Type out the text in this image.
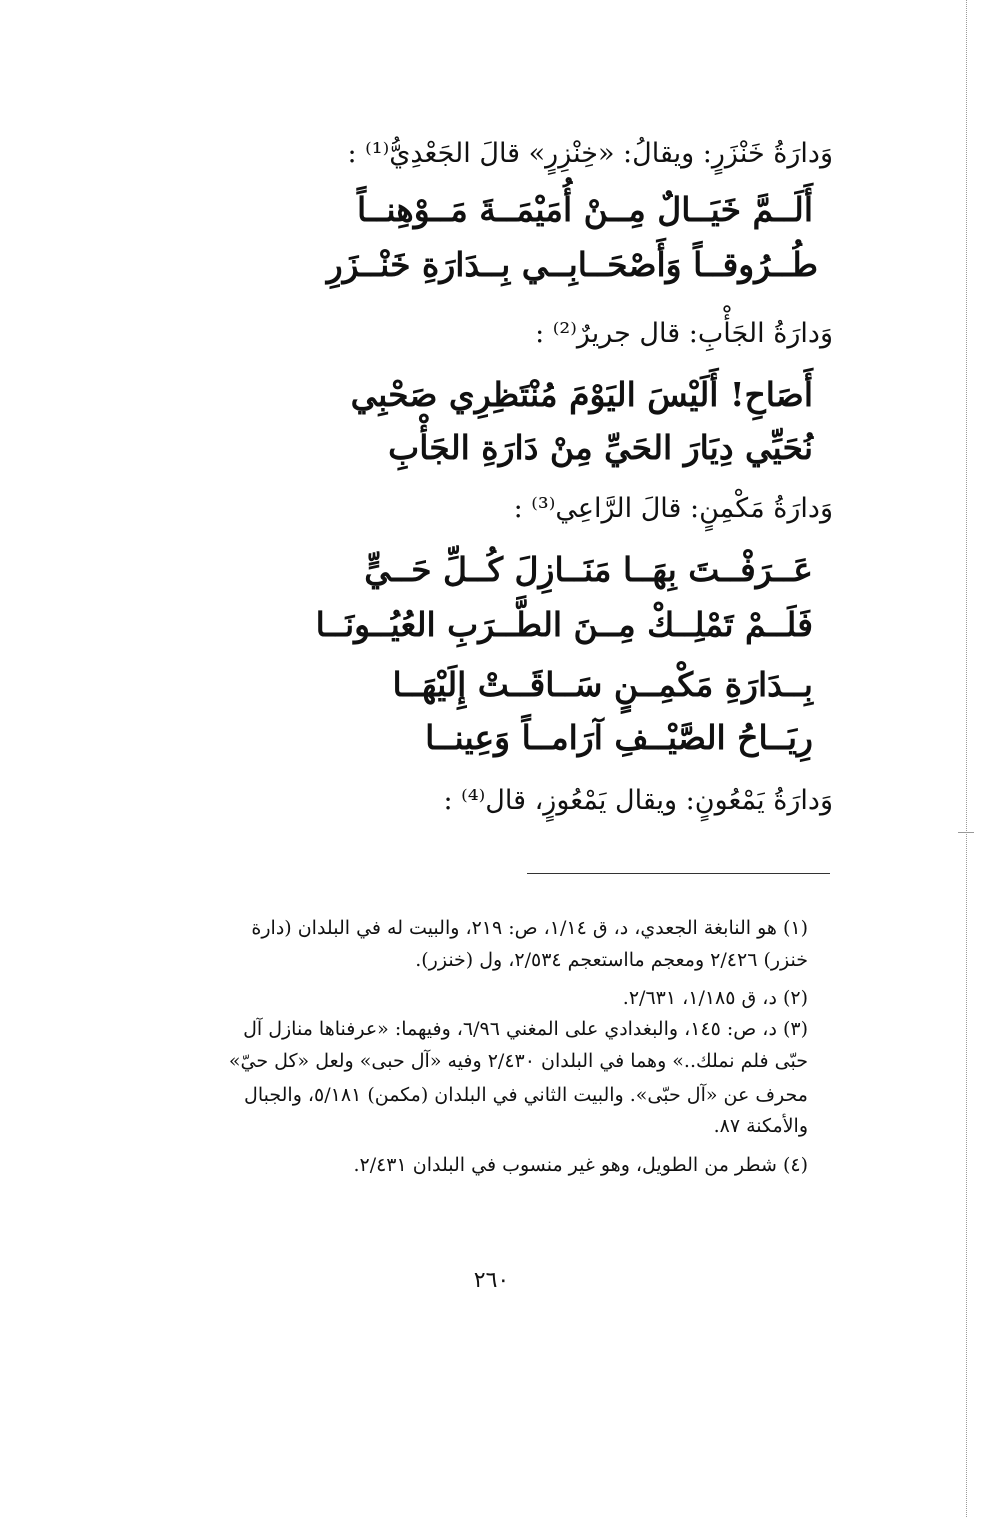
وَدارَةُ خَنْزَرٍ: ويقالُ: «خِنْزِرٍ» قالَ الجَعْدِيُّ⁽¹⁾ :
أَلَــمَّ خَيَــالٌ مِــنْ أُمَيْمَــةَ مَــوْهِنــاً
طُــرُوقــاً وَأَصْحَــابِــي بِــدَارَةِ خَنْــزَرِ
وَدارَةُ الجَأْبِ: قال جريرٌ⁽²⁾ :
أَصَاحِ! أَلَيْسَ اليَوْمَ مُنْتَظِرِي صَحْبِي
نُحَيِّي دِيَارَ الحَيِّ مِنْ دَارَةِ الجَأْبِ
وَدارَةُ مَكْمِنٍ: قالَ الرَّاعِي⁽³⁾ :
عَــرَفْــتَ بِهَــا مَنَــازِلَ كُــلِّ حَــيٍّ
فَلَــمْ تَمْلِــكْ مِــنَ الطَّــرَبِ العُيُــونَــا
بِــدَارَةِ مَكْمِــنٍ سَــاقَــتْ إِلَيْهَــا
رِيَــاحُ الصَّيْــفِ آرَامــاً وَعِينــا
وَدارَةُ يَمْعُونٍ: ويقال يَمْعُوزٍ، قال⁽⁴⁾ :
(١) هو النابغة الجعدي، د، ق ١/١٤، ص: ٢١٩، والبيت له في البلدان (دارة
خنزر) ٢/٤٢٦ ومعجم مااستعجم ٢/٥٣٤، ول (خنزر).
(٢) د، ق ١/١٨٥، ٢/٦٣١.
(٣) د، ص: ١٤٥، والبغدادي على المغني ٦/٩٦، وفيهما: «عرفناها منازل آل
حبّى فلم نملك..» وهما في البلدان ٢/٤٣٠ وفيه «آل حبى» ولعل «كل حيّ»
محرف عن «آل حبّى». والبيت الثاني في البلدان (مكمن) ٥/١٨١، والجبال
والأمكنة ٨٧.
(٤) شطر من الطويل، وهو غير منسوب في البلدان ٢/٤٣١.
٢٦٠
